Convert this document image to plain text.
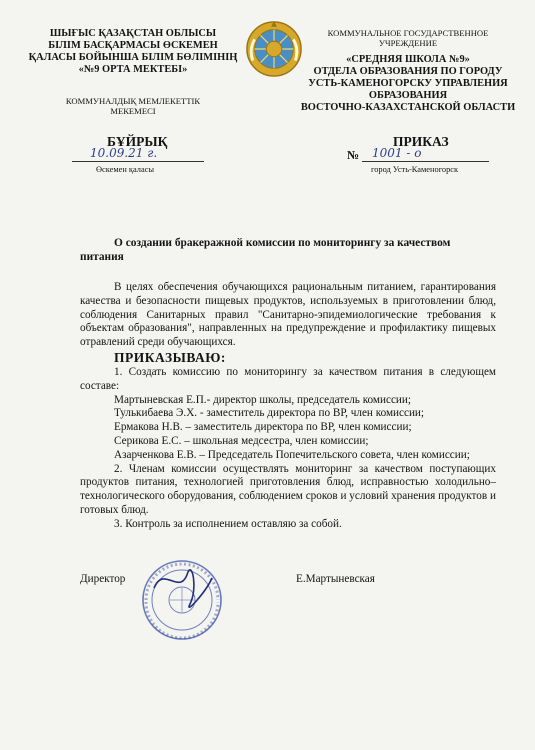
ШЫҒЫС ҚАЗАҚСТАН ОБЛЫСЫ
БІЛІМ БАСҚАРМАСЫ ӨСКЕМЕН
ҚАЛАСЫ БОЙЫНША БІЛІМ БӨЛІМІНІҢ
«№9 ОРТА МЕКТЕБІ»
КОММУНАЛДЫҚ МЕМЛЕКЕТТІК
МЕКЕМЕСІ
КОММУНАЛЬНОЕ ГОСУДАРСТВЕННОЕ
УЧРЕЖДЕНИЕ
«СРЕДНЯЯ ШКОЛА №9»
ОТДЕЛА ОБРАЗОВАНИЯ ПО ГОРОДУ
УСТЬ-КАМЕНОГОРСКУ УПРАВЛЕНИЯ
ОБРАЗОВАНИЯ
ВОСТОЧНО-КАЗАХСТАНСКОЙ ОБЛАСТИ
БҰЙРЫҚ
10.09.21 г.
Өскемен қаласы
ПРИКАЗ
№ 1001 - о
город Усть-Каменогорск
О создании бракеражной комиссии по мониторингу за качеством питания

В целях обеспечения обучающихся рациональным питанием, гарантирования качества и безопасности пищевых продуктов, используемых в приготовлении блюд, соблюдения Санитарных правил "Санитарно-эпидемиологические требования к объектам образования", направленных на предупреждение и профилактику пищевых отравлений среди обучающихся.

ПРИКАЗЫВАЮ:

1. Создать комиссию по мониторингу за качеством питания в следующем составе:

Мартыневская Е.П.- директор школы, председатель комиссии;
Тулькибаева Э.Х. - заместитель директора по ВР, член комиссии;
Ермакова Н.В. – заместитель директора по ВР, член комиссии;
Серикова Е.С. – школьная медсестра, член комиссии;

Азарченкова Е.В. – Председатель Попечительского совета, член комиссии;

2. Членам комиссии осуществлять мониторинг за качеством поступающих продуктов питания, технологией приготовления блюд, исправностью холодильно–технологического оборудования, соблюдением сроков и условий хранения продуктов и готовых блюд.

3. Контроль за исполнением оставляю за собой.

Директор	Е.Мартыневская
